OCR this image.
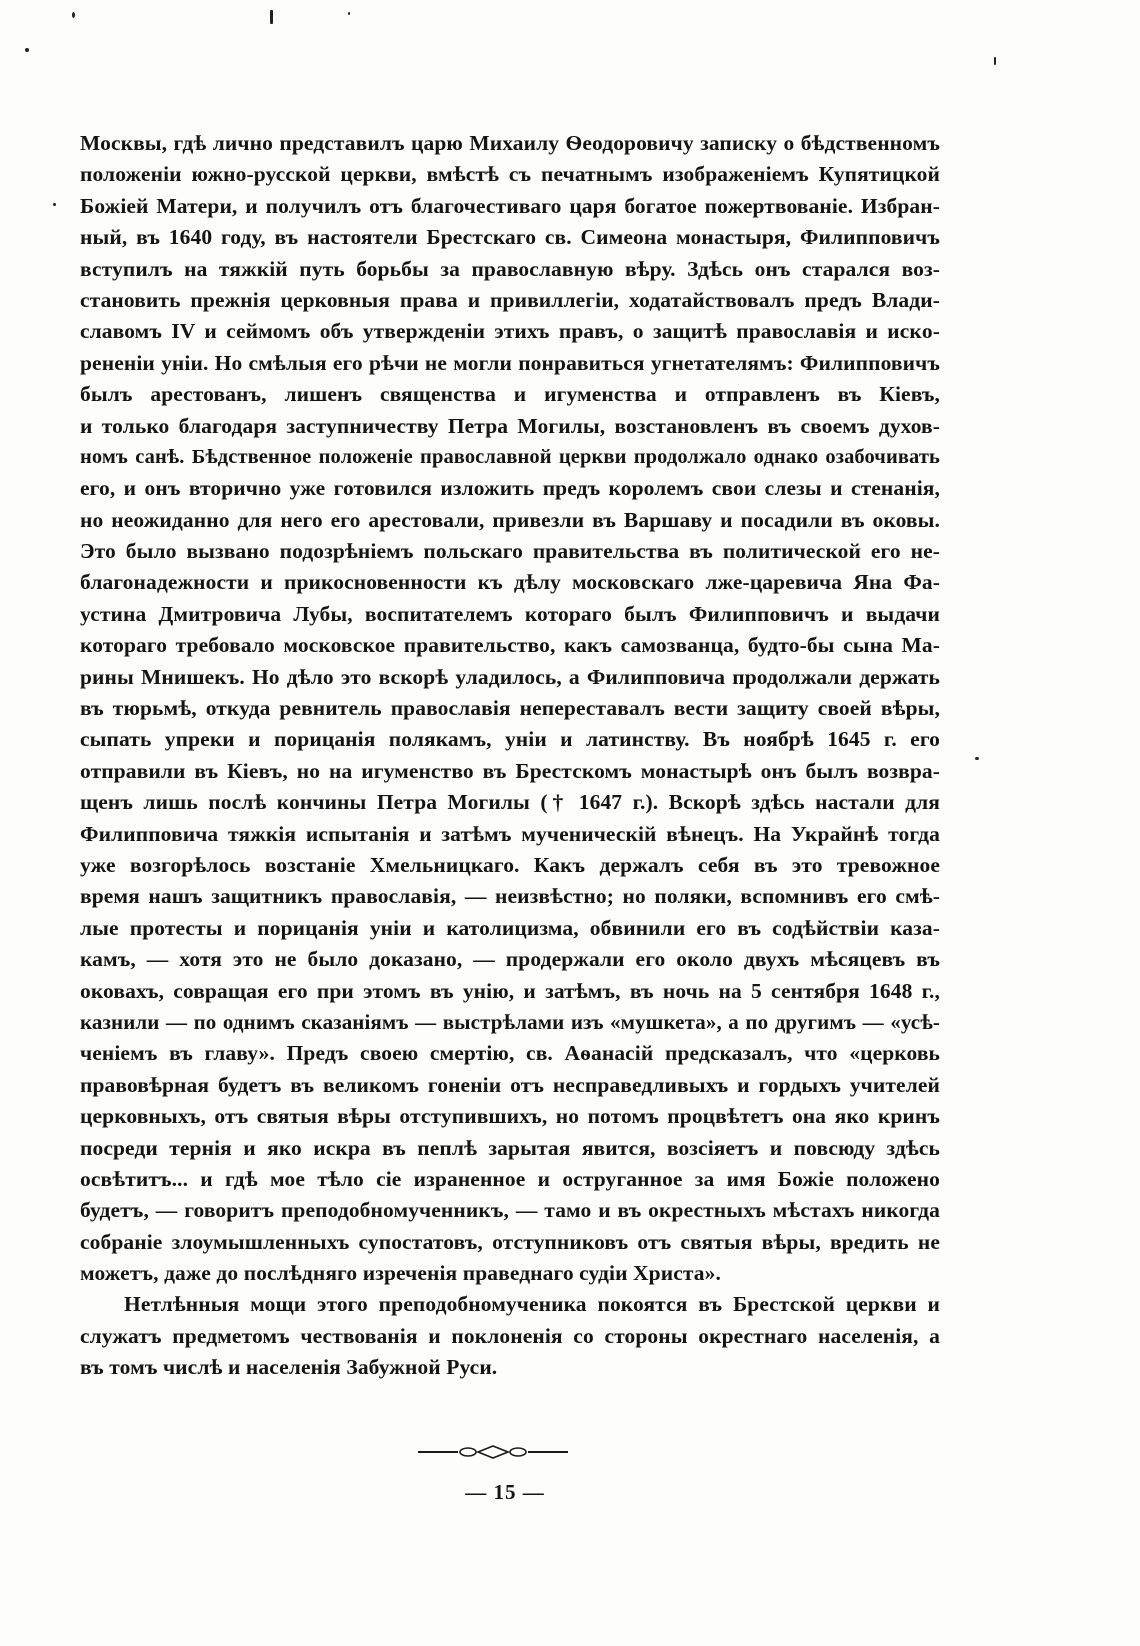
Москвы, гдѣ лично представилъ царю Михаилу Ѳеодоровичу записку о бѣдственномъ
положеніи южно-русской церкви, вмѣстѣ съ печатнымъ изображеніемъ Купятицкой
Божіей Матери, и получилъ отъ благочестиваго царя богатое пожертвованіе. Избран-
ный, въ 1640 году, въ настоятели Брестскаго св. Симеона монастыря, Филипповичъ
вступилъ на тяжкій путь борьбы за православную вѣру. Здѣсь онъ старался воз-
становить прежнія церковныя права и привиллегіи, ходатайствовалъ предъ Влади-
славомъ IV и сеймомъ объ утвержденіи этихъ правъ, о защитѣ православія и искο-
рененіи уніи. Но смѣлыя его рѣчи не могли понравиться угнетателямъ: Филипповичъ
былъ арестованъ, лишенъ священства и игуменства и отправленъ въ Кіевъ,
и только благодаря заступничеству Петра Могилы, возстановленъ въ своемъ духов-
номъ санѣ. Бѣдственное положеніе православной церкви продолжало однако озабочивать
его, и онъ вторично уже готовился изложить предъ королемъ свои слезы и стенанія,
но неожиданно для него его арестовали, привезли въ Варшаву и посадили въ оковы.
Это было вызвано подозрѣніемъ польскаго правительства въ политической его не-
благонадежности и прикосновенности къ дѣлу московскаго лже-царевича Яна Фа-
устина Дмитровича Лубы, воспитателемъ котораго былъ Филипповичъ и выдачи
котораго требовало московское правительство, какъ самозванца, будто-бы сына Ма-
рины Мнишекъ. Но дѣло это вскорѣ уладилось, а Филипповича продолжали держать
въ тюрьмѣ, откуда ревнитель православія непереставалъ вести защиту своей вѣры,
сыпать упреки и порицанія полякамъ, уніи и латинству. Въ ноябрѣ 1645 г. его
отправили въ Кіевъ, но на игуменство въ Брестскомъ монастырѣ онъ былъ возвра-
щенъ лишь послѣ кончины Петра Могилы († 1647 г.). Вскорѣ здѣсь настали для
Филипповича тяжкія испытанія и затѣмъ мученическій вѣнецъ. На Украйнѣ тогда
уже возгорѣлось возстаніе Хмельницкаго. Какъ держалъ себя въ это тревожное
время нашъ защитникъ православія, — неизвѣстно; но поляки, вспомнивъ его смѣ-
лые протесты и порицанія уніи и католицизма, обвинили его въ содѣйствіи каза-
камъ, — хотя это не было доказано, — продержали его около двухъ мѣсяцевъ въ
оковахъ, совращая его при этомъ въ унію, и затѣмъ, въ ночь на 5 сентября 1648 г.,
казнили — по однимъ сказаніямъ — выстрѣлами изъ «мушкета», а по другимъ — «усѣ-
ченіемъ въ главу». Предъ своею смертію, св. Аѳанасій предсказалъ, что «церковь
правовѣрная будетъ въ великомъ гоненіи отъ несправедливыхъ и гордыхъ учителей
церковныхъ, отъ святыя вѣры отступившихъ, но потомъ процвѣтетъ она яко кринъ
посреди тернія и яко искра въ пеплѣ зарытая явится, возсіяетъ и повсюду здѣсь
освѣтитъ... и гдѣ мое тѣло сіе израненное и оструганное за имя Божіе положено
будетъ, — говоритъ преподобномученникъ, — тамо и въ окрестныхъ мѣстахъ никогда
собраніе злоумышленныхъ супостатовъ, отступниковъ отъ святыя вѣры, вредить не
можетъ, даже до послѣдняго изреченія праведнаго судіи Христа».
Нетлѣнныя мощи этого преподобномученика покоятся въ Брестской церкви и
служатъ предметомъ чествованія и поклоненія со стороны окрестнаго населенія, а
въ томъ числѣ и населенія Забужной Руси.
— 15 —
